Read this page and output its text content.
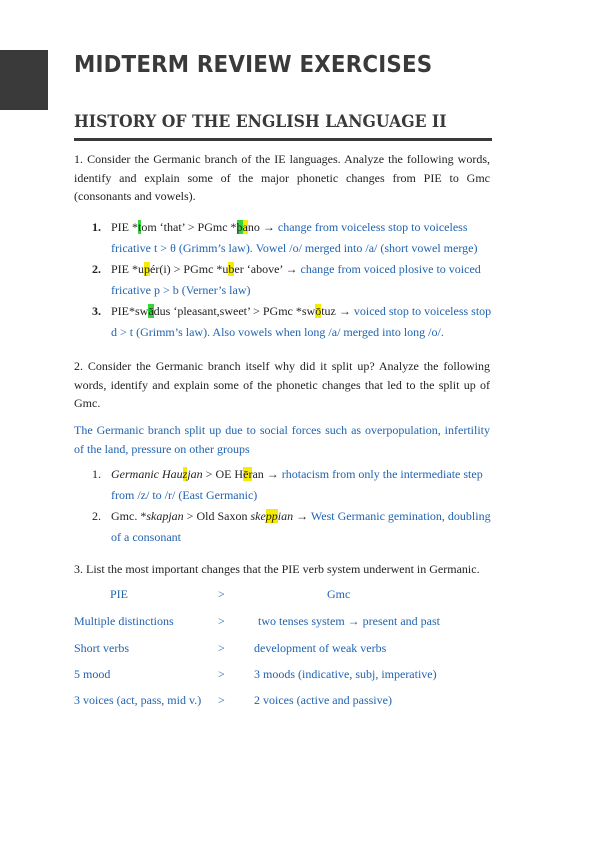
MIDTERM REVIEW EXERCISES
HISTORY OF THE ENGLISH LANGUAGE II
1. Consider the Germanic branch of the IE languages. Analyze the following words, identify and explain some of the major phonetic changes from PIE to Gmc (consonants and vowels).
1. PIE *tom ‘that’ > PGmc *þano → change from voiceless stop to voiceless fricative t > θ (Grimm’s law). Vowel /o/ merged into /a/ (short vowel merge)
2. PIE *upér(i) > PGmc *uber ‘above’ → change from voiced plosive to voiced fricative p > b (Verner’s law)
3. PIE*swādus ‘pleasant,sweet’ > PGmc *swōtuz → voiced stop to voiceless stop d > t (Grimm’s law). Also vowels when long /a/ merged into long /o/.
2. Consider the Germanic branch itself why did it split up? Analyze the following words, identify and explain some of the phonetic changes that led to the split up of Gmc.
The Germanic branch split up due to social forces such as overpopulation, infertility of the land, pressure on other groups
1. Germanic Hauzjan > OE Hēran → rhotacism from only the intermediate step from /z/ to /r/ (East Germanic)
2. Gmc. *skapjan > Old Saxon skeppian → West Germanic gemination, doubling of a consonant
3. List the most important changes that the PIE verb system underwent in Germanic.
PIE	>	Gmc
Multiple distinctions	>	two tenses system → present and past
Short verbs	> development of weak verbs
5 mood	> 3 moods (indicative, subj, imperative)
3 voices (act, pass, mid v.) > 2 voices (active and passive)
